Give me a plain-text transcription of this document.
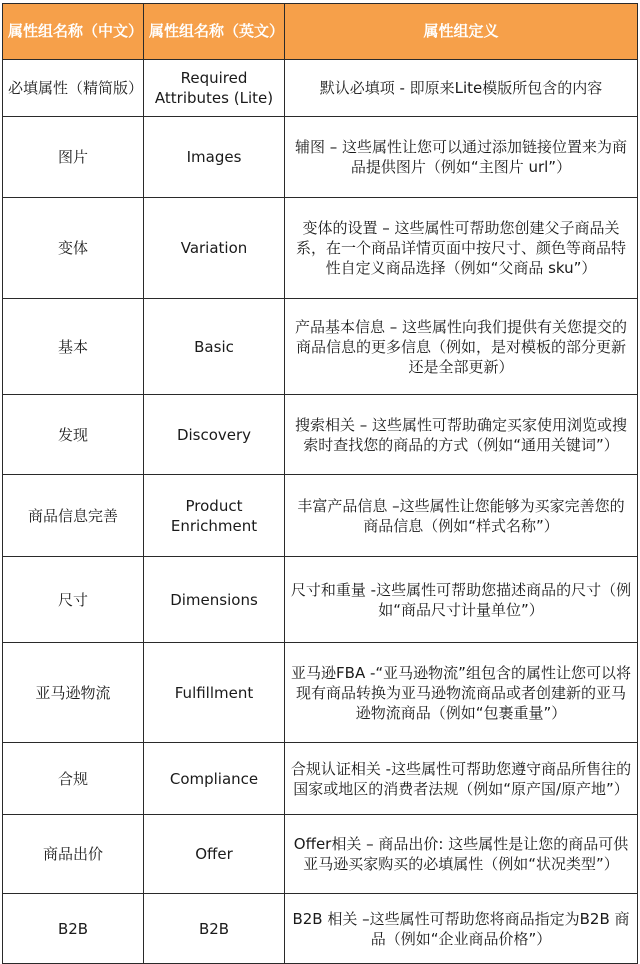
属性组名称（中文）	属性组名称（英文）	属性组定义
必填属性（精简版）	Required Attributes (Lite)	默认必填项 - 即原来Lite模版所包含的内容
图片	Images	辅图 – 这些属性让您可以通过添加链接位置来为商品提供图片（例如“主图片 url”）
变体	Variation	变体的设置 – 这些属性可帮助您创建父子商品关系，在一个商品详情页面中按尺寸、颜色等商品特性自定义商品选择（例如“父商品 sku”）
基本	Basic	产品基本信息 – 这些属性向我们提供有关您提交的商品信息的更多信息（例如，是对模板的部分更新还是全部更新）
发现	Discovery	搜索相关 – 这些属性可帮助确定买家使用浏览或搜索时查找您的商品的方式（例如“通用关键词”）
商品信息完善	Product Enrichment	丰富产品信息 –这些属性让您能够为买家完善您的商品信息（例如“样式名称”）
尺寸	Dimensions	尺寸和重量 -这些属性可帮助您描述商品的尺寸（例如“商品尺寸计量单位”）
亚马逊物流	Fulfillment	亚马逊FBA -“亚马逊物流”组包含的属性让您可以将现有商品转换为亚马逊物流商品或者创建新的亚马逊物流商品（例如“包裹重量”）
合规	Compliance	合规认证相关 -这些属性可帮助您遵守商品所售往的国家或地区的消费者法规（例如“原产国/原产地”）
商品出价	Offer	Offer相关 – 商品出价: 这些属性是让您的商品可供亚马逊买家购买的必填属性（例如“状况类型”）
B2B	B2B	B2B 相关 –这些属性可帮助您将商品指定为B2B 商品（例如“企业商品价格”）
